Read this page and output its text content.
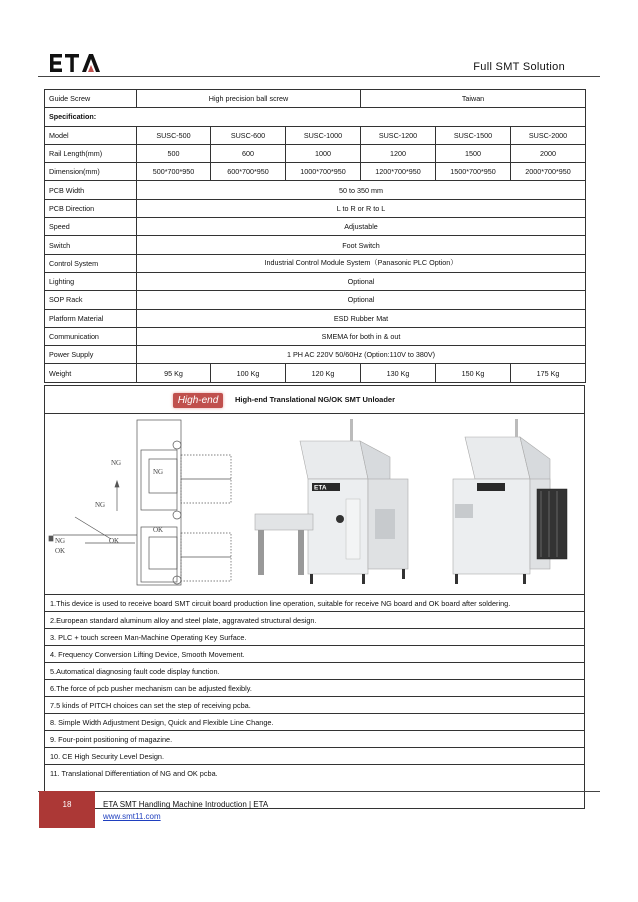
Full SMT Solution
Guide Screw	High precision ball screw			Taiwan		
Specification:						
Model	SUSC-500	SUSC-600	SUSC-1000	SUSC-1200	SUSC-1500	SUSC-2000
Rail Length(mm)	500	600	1000	1200	1500	2000
Dimension(mm)	500*700*950	600*700*950	1000*700*950	1200*700*950	1500*700*950	2000*700*950
PCB Width	50 to 350 mm					
PCB Direction	L to R or R to L					
Speed	Adjustable					
Switch	Foot Switch					
Control System	Industrial Control Module System（Panasonic PLC Option）					
Lighting	Optional					
SOP Rack	Optional					
Platform Material	ESD Rubber Mat					
Communication	SMEMA for both in & out					
Power Supply	1 PH AC 220V 50/60Hz (Option:110V to 380V)					
Weight	95 Kg	100 Kg	120 Kg	130 Kg	150 Kg	175 Kg
High-end	High-end Translational NG/OK SMT Unloader
NG
NG
NG
NG
OK
OK
OK
ETA
1.This device is used to receive board SMT circuit board production line operation, suitable for receive NG board and OK board after soldering.
2.European standard aluminum alloy and steel plate, aggravated structural design.
3. PLC + touch screen Man-Machine Operating Key Surface.
4. Frequency Conversion Lifting Device, Smooth Movement.
5.Automatical diagnosing fault code display function.
6.The force of pcb pusher mechanism can be adjusted flexibly.
7.5 kinds of PITCH choices can set the step of receiving pcba.
8. Simple Width Adjustment Design, Quick and Flexible Line Change.
9. Four-point positioning of magazine.
10. CE High Security Level Design.
11. Translational Differentiation of NG and OK pcba.
18	ETA SMT Handling Machine Introduction | ETA
www.smt11.com
